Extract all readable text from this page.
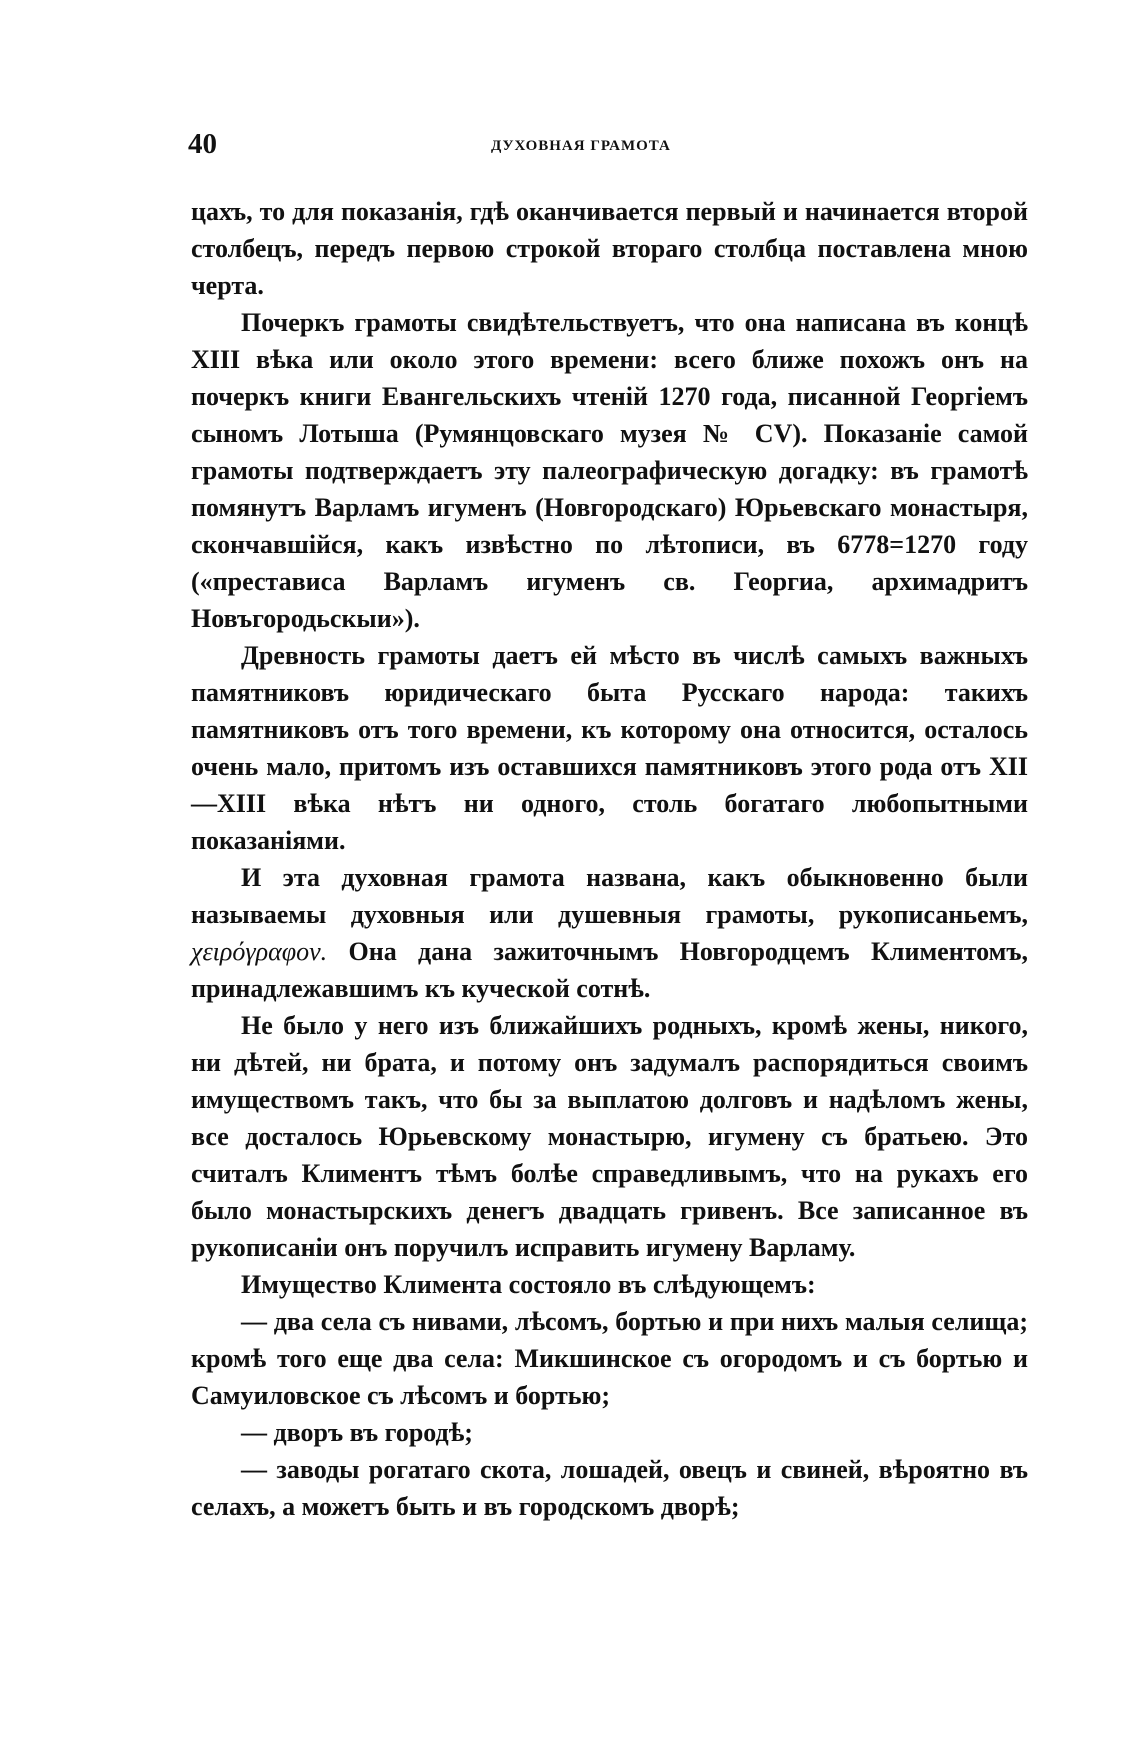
40	ДУХОВНАЯ ГРАМОТА

цахъ, то для показанія, гдѣ оканчивается первый и начинается второй столбецъ, передъ первою строкой втораго столбца поставлена мною черта.

Почеркъ грамоты свидѣтельствуетъ, что она написана въ концѣ XIII вѣка или около этого времени: всего ближе похожъ онъ на почеркъ книги Евангельскихъ чтеній 1270 года, писанной Георгіемъ сыномъ Лотыша (Румянцовскаго музея № CV). Показаніе самой грамоты подтверждаетъ эту палеографическую догадку: въ грамотѣ помянутъ Варламъ игуменъ (Новгородскаго) Юрьевскаго монастыря, скончавшійся, какъ извѣстно по лѣтописи, въ 6778=1270 году («престависа Варламъ игуменъ св. Георгиа, архимадритъ Новъгородьскыи»).

Древность грамоты даетъ ей мѣсто въ числѣ самыхъ важныхъ памятниковъ юридическаго быта Русскаго народа: такихъ памятниковъ отъ того времени, къ которому она относится, осталось очень мало, притомъ изъ оставшихся памятниковъ этого рода отъ XII—XIII вѣка нѣтъ ни одного, столь богатаго любопытными показаніями.

И эта духовная грамота названа, какъ обыкновенно были называемы духовныя или душевныя грамоты, рукописаньемъ, χειρόγραφον. Она дана зажиточнымъ Новгородцемъ Климентомъ, принадлежавшимъ къ куческой сотнѣ.

Не было у него изъ ближайшихъ родныхъ, кромѣ жены, никого, ни дѣтей, ни брата, и потому онъ задумалъ распорядиться своимъ имуществомъ такъ, что бы за выплатою долговъ и надѣломъ жены, все досталось Юрьевскому монастырю, игумену съ братьею. Это считалъ Климентъ тѣмъ болѣе справедливымъ, что на рукахъ его было монастырскихъ денегъ двадцать гривенъ. Все записанное въ рукописаніи онъ поручилъ исправить игумену Варламу.

Имущество Климента состояло въ слѣдующемъ:

— два села съ нивами, лѣсомъ, бортью и при нихъ малыя селища; кромѣ того еще два села: Микшинское съ огородомъ и съ бортью и Самуиловское съ лѣсомъ и бортью;

— дворъ въ городѣ;

— заводы рогатаго скота, лошадей, овецъ и свиней, вѣроятно въ селахъ, а можетъ быть и въ городскомъ дворѣ;
